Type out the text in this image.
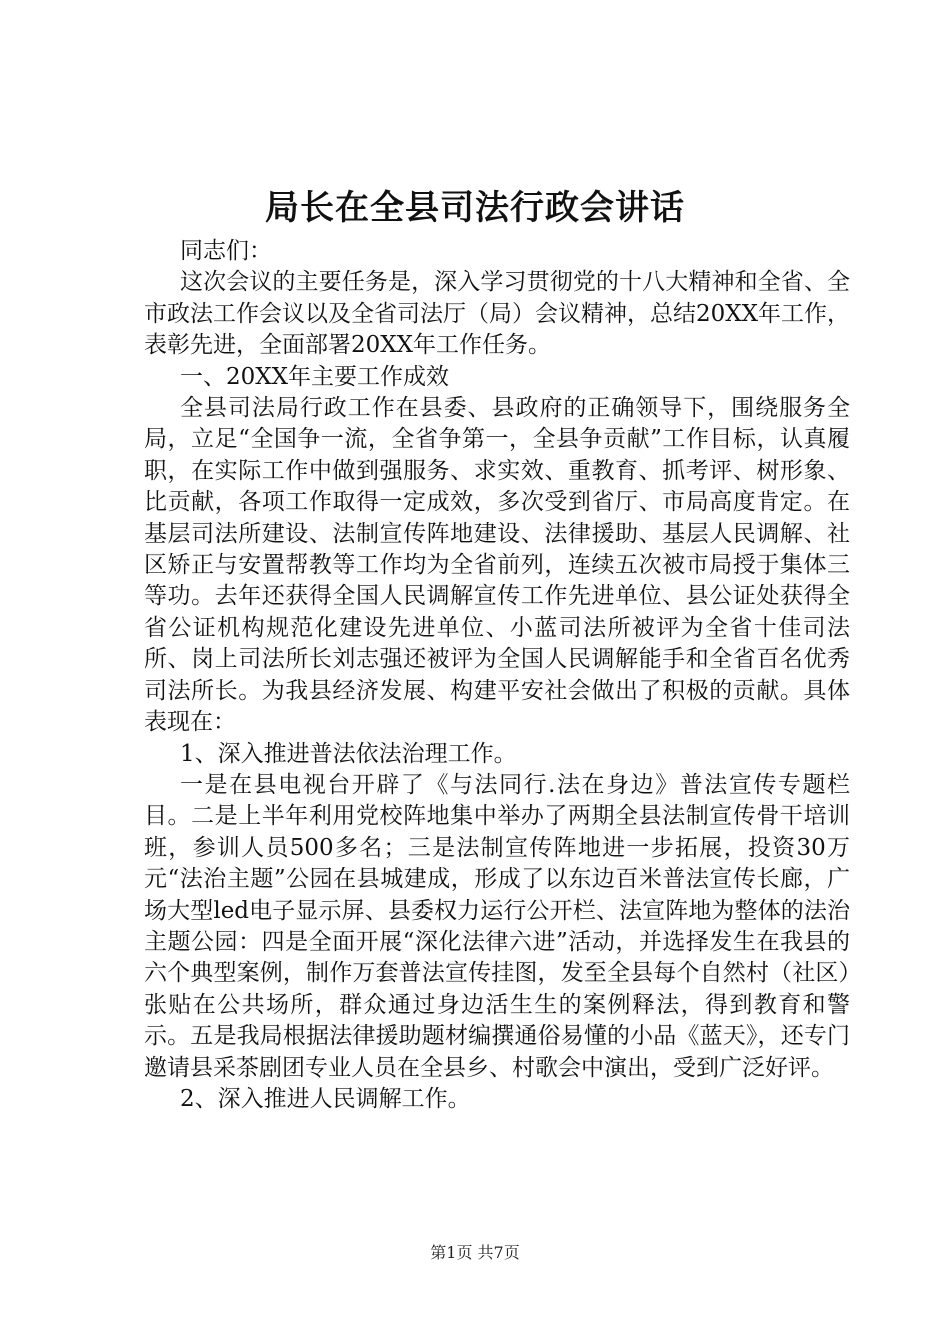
局长在全县司法行政会讲话

同志们：

这次会议的主要任务是，深入学习贯彻党的十八大精神和全省、全市政法工作会议以及全省司法厅（局）会议精神，总结20XX年工作，表彰先进，全面部署20XX年工作任务。

一、20XX年主要工作成效

全县司法局行政工作在县委、县政府的正确领导下，围绕服务全局，立足“全国争一流，全省争第一，全县争贡献”工作目标，认真履职，在实际工作中做到强服务、求实效、重教育、抓考评、树形象、比贡献，各项工作取得一定成效，多次受到省厅、市局高度肯定。在基层司法所建设、法制宣传阵地建设、法律援助、基层人民调解、社区矫正与安置帮教等工作均为全省前列，连续五次被市局授于集体三等功。去年还获得全国人民调解宣传工作先进单位、县公证处获得全省公证机构规范化建设先进单位、小蓝司法所被评为全省十佳司法所、岗上司法所长刘志强还被评为全国人民调解能手和全省百名优秀司法所长。为我县经济发展、构建平安社会做出了积极的贡献。具体表现在：

1、深入推进普法依法治理工作。

一是在县电视台开辟了《与法同行.法在身边》普法宣传专题栏目。二是上半年利用党校阵地集中举办了两期全县法制宣传骨干培训班，参训人员500多名；三是法制宣传阵地进一步拓展，投资30万元“法治主题”公园在县城建成，形成了以东边百米普法宣传长廊，广场大型led电子显示屏、县委权力运行公开栏、法宣阵地为整体的法治主题公园：四是全面开展“深化法律六进”活动，并选择发生在我县的六个典型案例，制作万套普法宣传挂图，发至全县每个自然村（社区）张贴在公共场所，群众通过身边活生生的案例释法，得到教育和警示。五是我局根据法律援助题材编撰通俗易懂的小品《蓝天》，还专门邀请县采茶剧团专业人员在全县乡、村歌会中演出，受到广泛好评。

2、深入推进人民调解工作。

第1页 共7页
